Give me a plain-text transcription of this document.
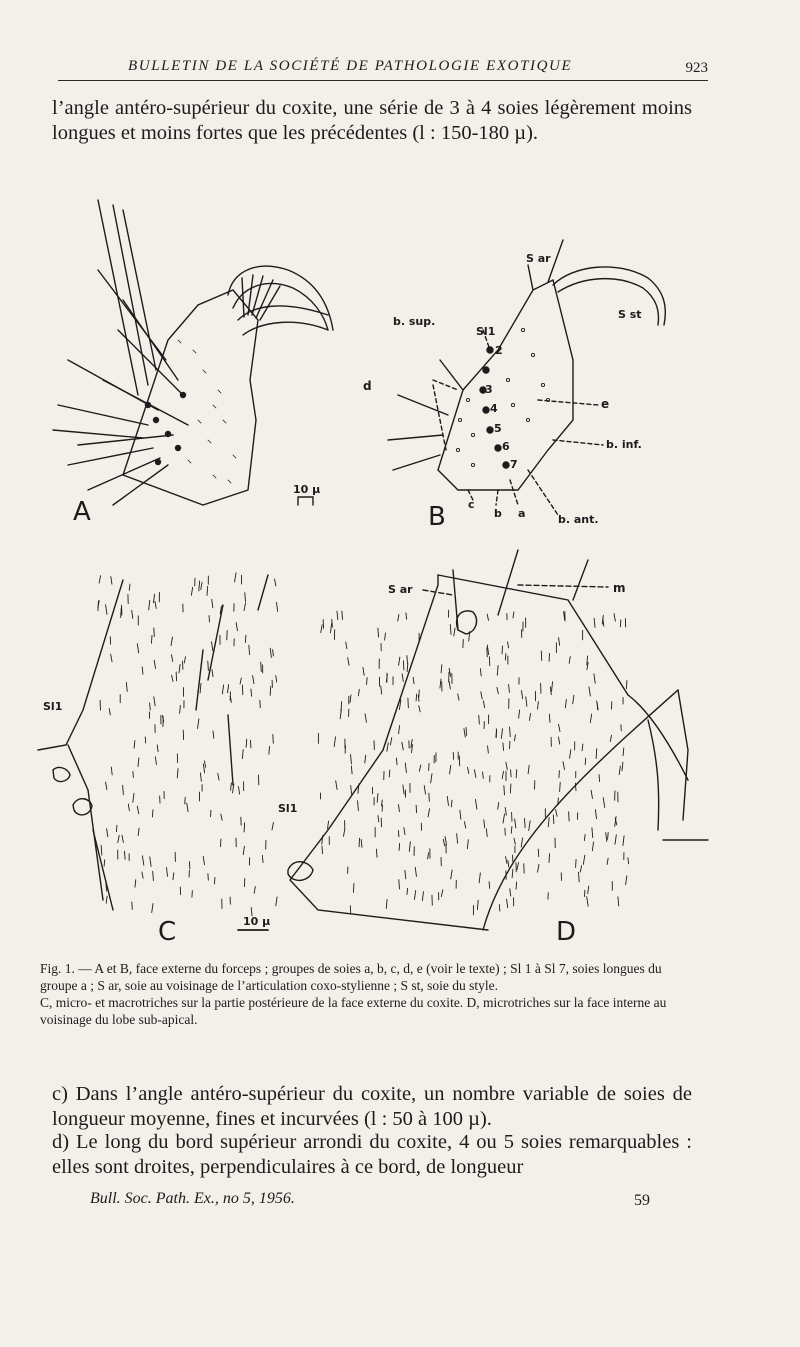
BULLETIN DE LA SOCIÉTÉ DE PATHOLOGIE EXOTIQUE	923
l’angle antéro-supérieur du coxite, une série de 3 à 4 soies légèrement moins longues et moins fortes que les précédentes (l : 150-180 µ).
A
10 µ
B
S ar
S st
b. sup.
Sl1
d
e
b. inf.
b. ant.
c
b a
2
3
4
5
6
7
C
Sl1
10 µ	D
S ar	m
Sl1

Fig. 1. — A et B, face externe du forceps ; groupes de soies a, b, c, d, e (voir le texte) ; Sl 1 à Sl 7, soies longues du groupe a ; S ar, soie au voisinage de l’articulation coxo-stylienne ; S st, soie du style.

C, micro- et macrotriches sur la partie postérieure de la face externe du coxite. D, microtriches sur la face interne au voisinage du lobe sub-apical.

c) Dans l’angle antéro-supérieur du coxite, un nombre variable de soies de longueur moyenne, fines et incurvées (l : 50 à 100 µ).
d) Le long du bord supérieur arrondi du coxite, 4 ou 5 soies remarquables : elles sont droites, perpendiculaires à ce bord, de longueur
Bull. Soc. Path. Ex., no 5, 1956.	59
